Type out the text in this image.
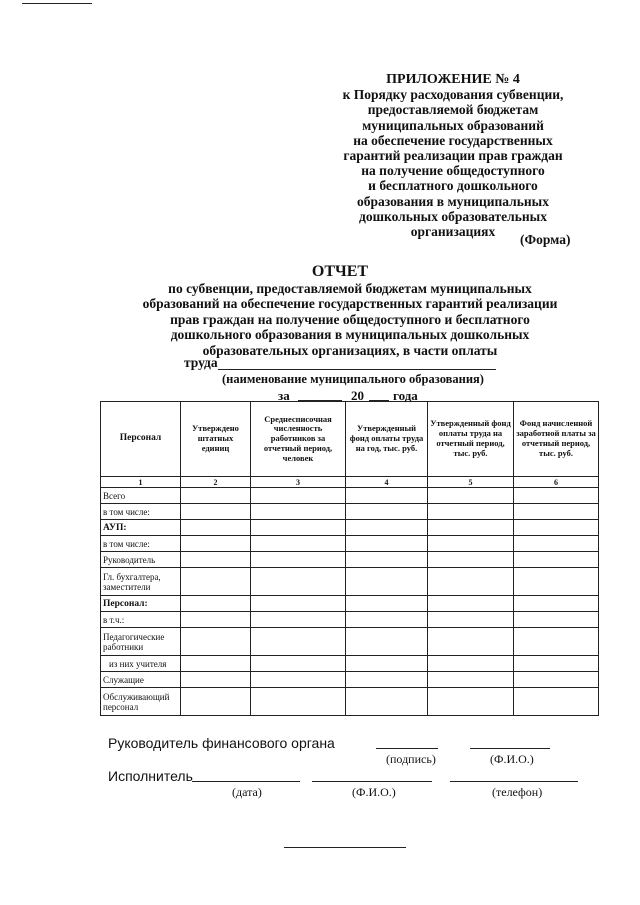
ПРИЛОЖЕНИЕ № 4
к Порядку расходования субвенции,
предоставляемой бюджетам
муниципальных образований
на обеспечение государственных
гарантий реализации прав граждан
на получение общедоступного
и бесплатного дошкольного
образования в муниципальных
дошкольных образовательных
организациях
(Форма)
ОТЧЕТ
по субвенции, предоставляемой бюджетам муниципальных
образований на обеспечение государственных гарантий реализации
прав граждан на получение общедоступного и бесплатного
дошкольного образования в муниципальных дошкольных
образовательных организациях, в части оплаты
труда
(наименование муниципального образования)
за	20 года
Персонал	Утверждено штатных единиц	Среднесписочная численность работников за отчетный период, человек	Утвержденный фонд оплаты труда на год, тыс. руб.	Утвержденный фонд оплаты труда на отчетный период, тыс. руб.	Фонд начисленной заработной платы за отчетный период, тыс. руб.
1	2	3	4	5	6
Всего					
в том числе:					
АУП:					
в том числе:					
Руководитель					
Гл. бухгалтера, заместители					
Персонал:					
в т.ч.:					
Педагогические работники					
из них учителя					
Служащие					
Обслуживающий персонал					
Руководитель финансового органа
(подпись)	(Ф.И.О.)
Исполнитель
(дата)	(Ф.И.О.)	(телефон)
